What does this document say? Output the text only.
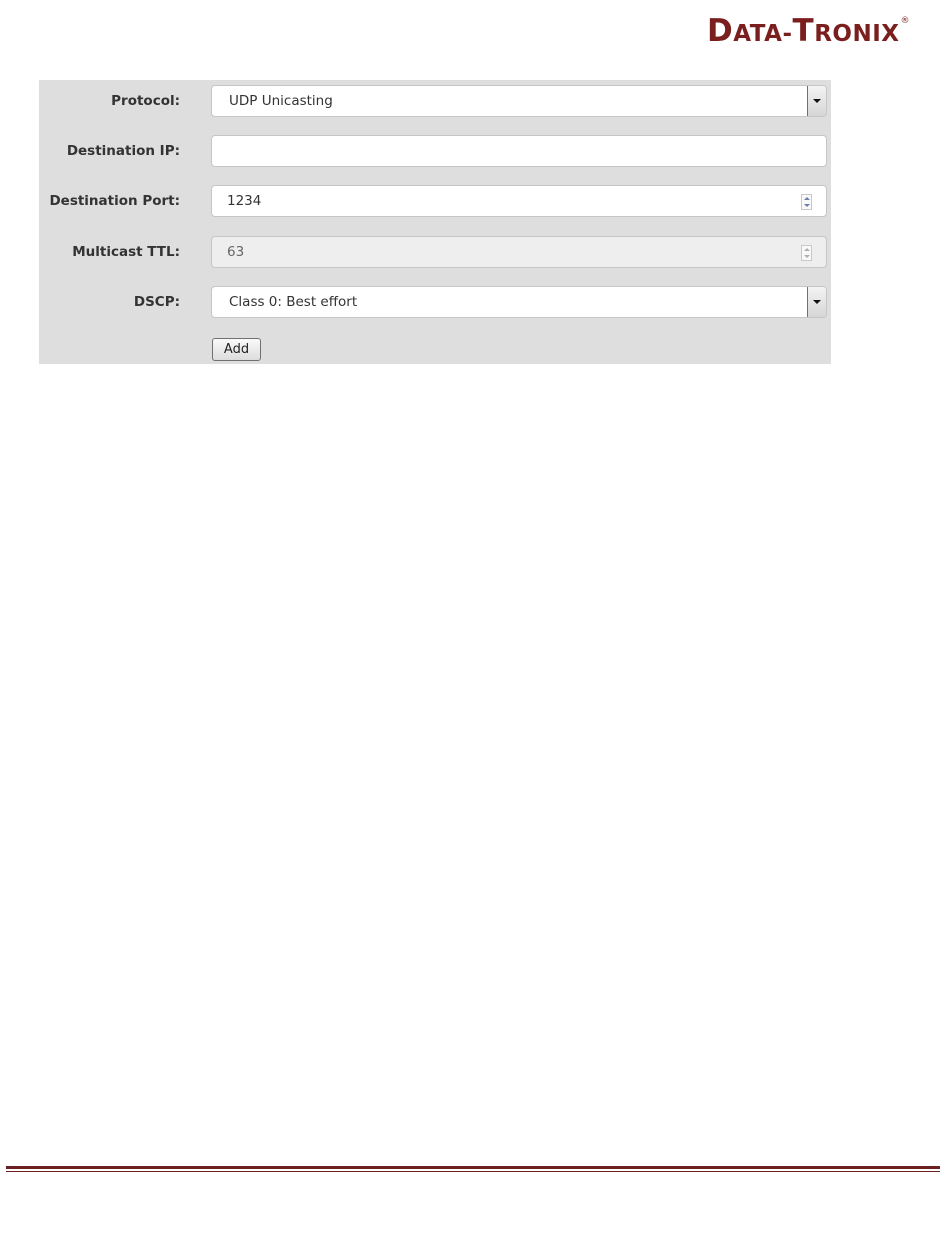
DATA-TRONIX®
Protocol:	UDP Unicasting
Destination IP:
Destination Port:	1234
Multicast TTL:	63
DSCP:	Class 0: Best effort
Add
